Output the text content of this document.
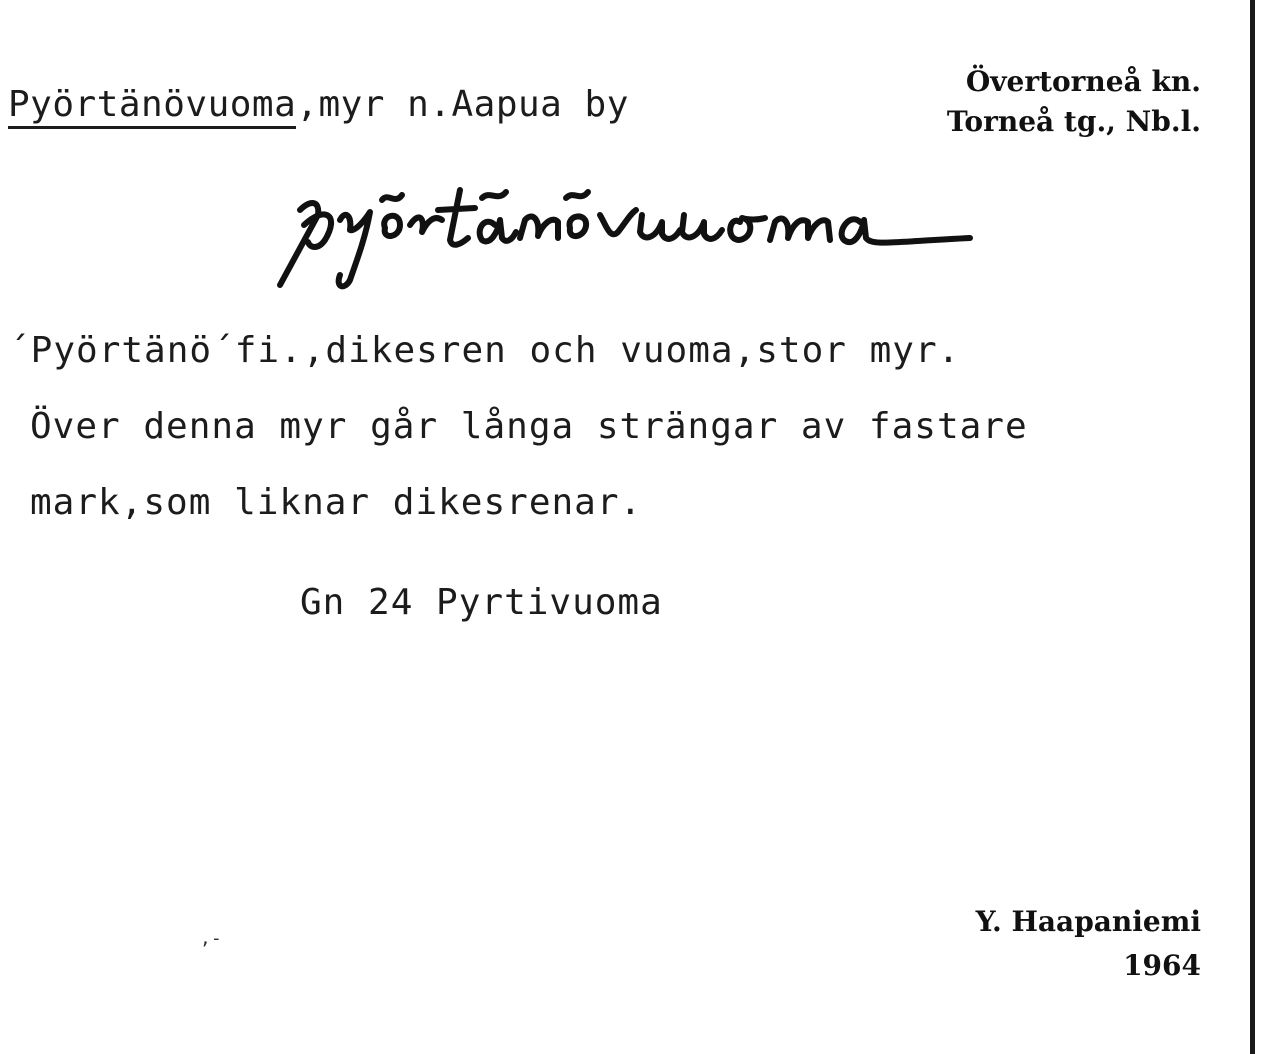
Pyörtänövuoma,myr n.Aapua by
Övertorneå kn.
Torneå tg., Nb.l.
´Pyörtänö´fi.,dikesren och vuoma,stor myr.
Över denna myr går långa strängar av fastare
mark,som liknar dikesrenar.
Gn 24 Pyrtivuoma
,-
Y. Haapaniemi
1964
